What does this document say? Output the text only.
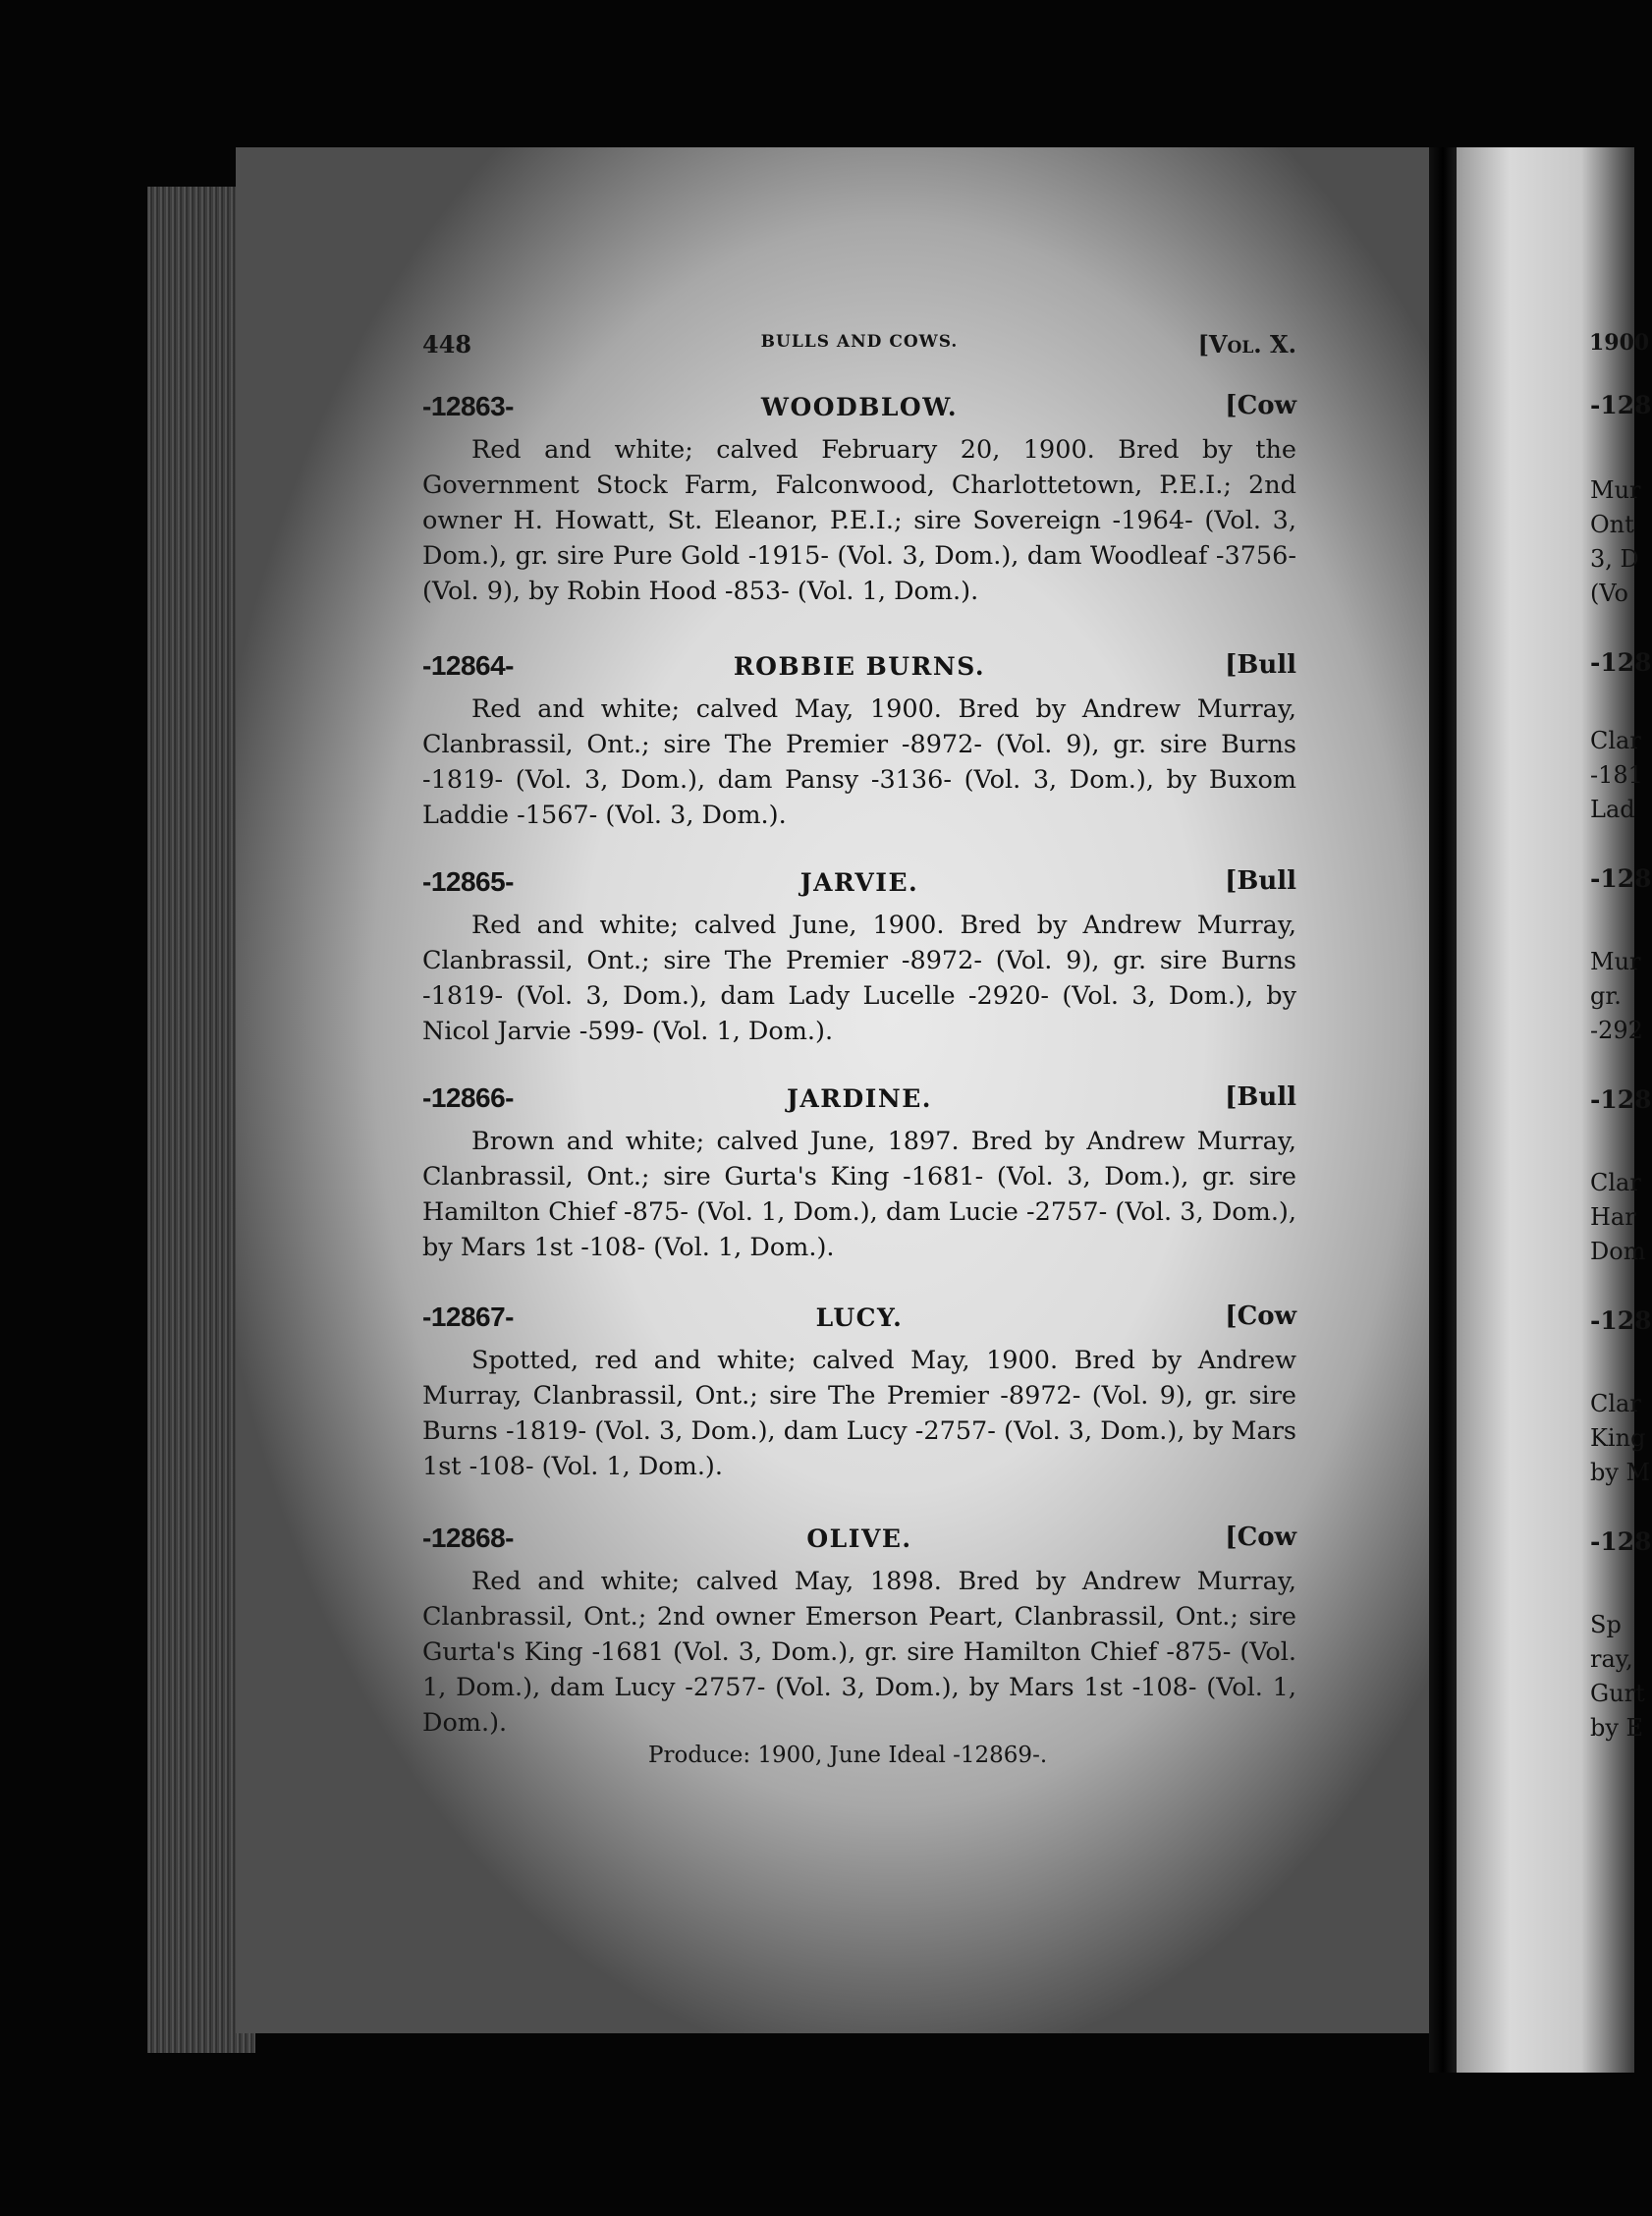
448	BULLS AND COWS.	[Vol. X.
-12863-	WOODBLOW.	[Cow
Red and white; calved February 20, 1900. Bred by the Government Stock Farm, Falconwood, Charlottetown, P.E.I.; 2nd owner H. Howatt, St. Eleanor, P.E.I.; sire Sovereign -1964- (Vol. 3, Dom.), gr. sire Pure Gold -1915- (Vol. 3, Dom.), dam Woodleaf -3756- (Vol. 9), by Robin Hood -853- (Vol. 1, Dom.).
-12864-	ROBBIE BURNS.	[Bull
Red and white; calved May, 1900. Bred by Andrew Murray, Clanbrassil, Ont.; sire The Premier -8972- (Vol. 9), gr. sire Burns -1819- (Vol. 3, Dom.), dam Pansy -3136- (Vol. 3, Dom.), by Buxom Laddie -1567- (Vol. 3, Dom.).
-12865-	JARVIE.	[Bull
Red and white; calved June, 1900. Bred by Andrew Murray, Clanbrassil, Ont.; sire The Premier -8972- (Vol. 9), gr. sire Burns -1819- (Vol. 3, Dom.), dam Lady Lucelle -2920- (Vol. 3, Dom.), by Nicol Jarvie -599- (Vol. 1, Dom.).
-12866-	JARDINE.	[Bull
Brown and white; calved June, 1897. Bred by Andrew Murray, Clanbrassil, Ont.; sire Gurta's King -1681- (Vol. 3, Dom.), gr. sire Hamilton Chief -875- (Vol. 1, Dom.), dam Lucie -2757- (Vol. 3, Dom.), by Mars 1st -108- (Vol. 1, Dom.).
-12867-	LUCY.	[Cow
Spotted, red and white; calved May, 1900. Bred by Andrew Murray, Clanbrassil, Ont.; sire The Premier -8972- (Vol. 9), gr. sire Burns -1819- (Vol. 3, Dom.), dam Lucy -2757- (Vol. 3, Dom.), by Mars 1st -108- (Vol. 1, Dom.).
-12868-	OLIVE.	[Cow
Red and white; calved May, 1898. Bred by Andrew Murray, Clanbrassil, Ont.; 2nd owner Emerson Peart, Clanbrassil, Ont.; sire Gurta's King -1681 (Vol. 3, Dom.), gr. sire Hamilton Chief -875- (Vol. 1, Dom.), dam Lucy -2757- (Vol. 3, Dom.), by Mars 1st -108- (Vol. 1, Dom.).
Produce: 1900, June Ideal -12869-.
1900
-128
Mur
Ont
3, D
(Vo
-128
Clar
-181
Lad
-128
Mur
gr.
-292
-128
Clar
Har
Dom
-128
Clar
King
by M
-128
Sp
ray,
Gurt
by E
